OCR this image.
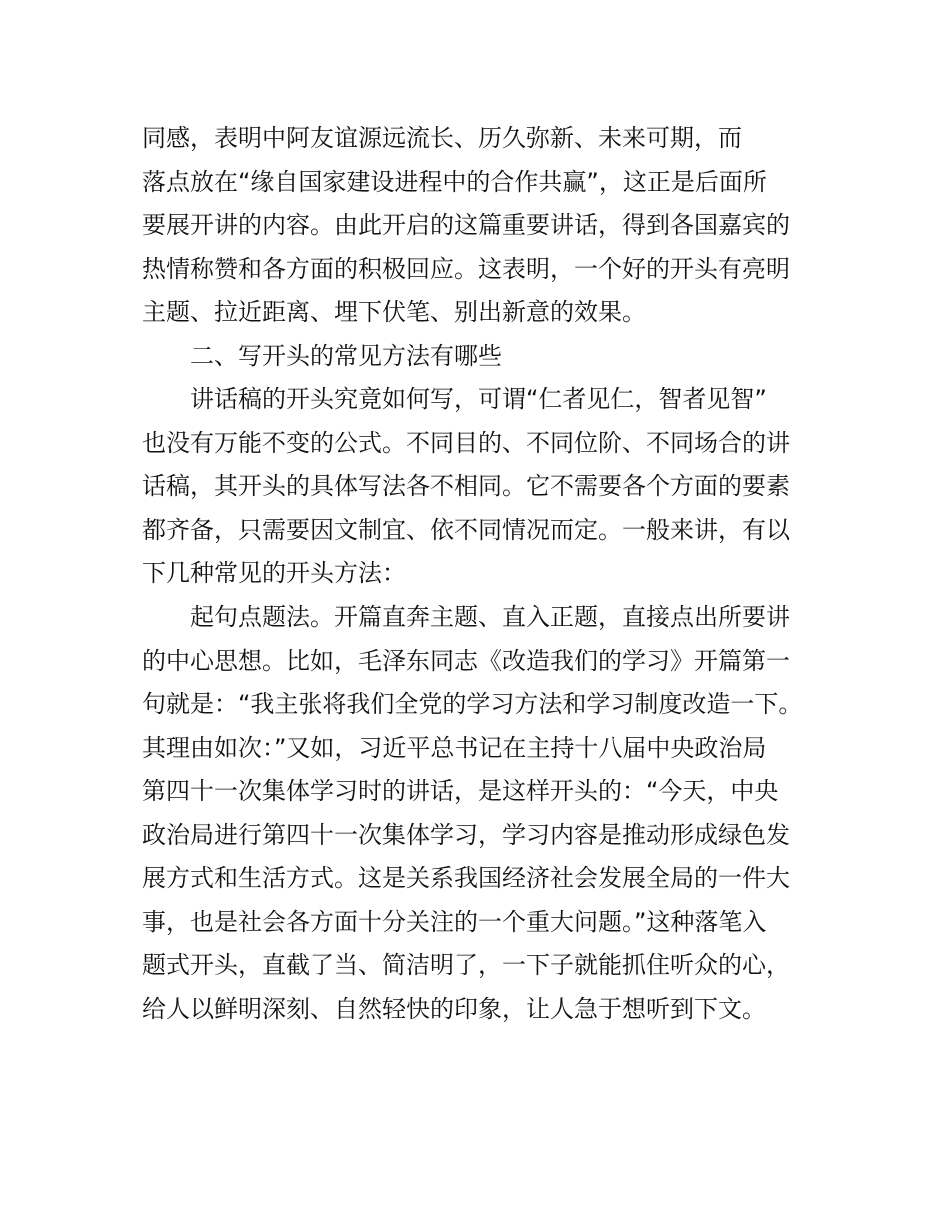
同感，表明中阿友谊源远流长、历久弥新、未来可期，而
落点放在“缘自国家建设进程中的合作共赢”，这正是后面所
要展开讲的内容。由此开启的这篇重要讲话，得到各国嘉宾的
热情称赞和各方面的积极回应。这表明，一个好的开头有亮明
主题、拉近距离、埋下伏笔、别出新意的效果。
二、写开头的常见方法有哪些
讲话稿的开头究竟如何写，可谓“仁者见仁，智者见智”
也没有万能不变的公式。不同目的、不同位阶、不同场合的讲
话稿，其开头的具体写法各不相同。它不需要各个方面的要素
都齐备，只需要因文制宜、依不同情况而定。一般来讲，有以
下几种常见的开头方法：
起句点题法。开篇直奔主题、直入正题，直接点出所要讲
的中心思想。比如，毛泽东同志《改造我们的学习》开篇第一
句就是：“我主张将我们全党的学习方法和学习制度改造一下。
其理由如次：”又如，习近平总书记在主持十八届中央政治局
第四十一次集体学习时的讲话，是这样开头的：“今天，中央
政治局进行第四十一次集体学习，学习内容是推动形成绿色发
展方式和生活方式。这是关系我国经济社会发展全局的一件大
事，也是社会各方面十分关注的一个重大问题。”这种落笔入
题式开头，直截了当、简洁明了，一下子就能抓住听众的心，
给人以鲜明深刻、自然轻快的印象，让人急于想听到下文。
